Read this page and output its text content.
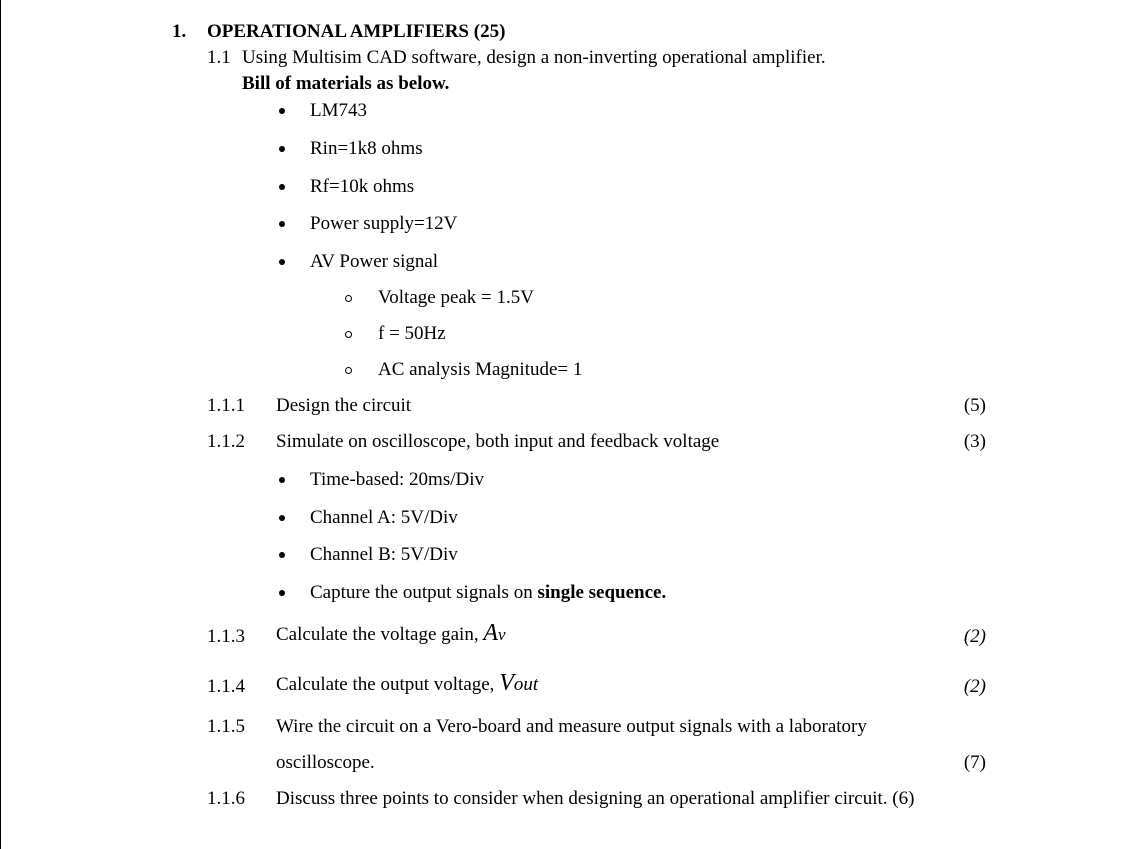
1. OPERATIONAL AMPLIFIERS (25)
1.1 Using Multisim CAD software, design a non-inverting operational amplifier.
Bill of materials as below.
LM743
Rin=1k8 ohms
Rf=10k ohms
Power supply=12V
AV Power signal
Voltage peak = 1.5V
f = 50Hz
AC analysis Magnitude= 1
1.1.1 Design the circuit	(5)
1.1.2 Simulate on oscilloscope, both input and feedback voltage	(3)
Time-based: 20ms/Div
Channel A: 5V/Div
Channel B: 5V/Div
Capture the output signals on single sequence.
1.1.3 Calculate the voltage gain, Av	(2)
1.1.4 Calculate the output voltage, Vout	(2)
1.1.5 Wire the circuit on a Vero-board and measure output signals with a laboratory
oscilloscope.	(7)
1.1.6 Discuss three points to consider when designing an operational amplifier circuit. (6)
